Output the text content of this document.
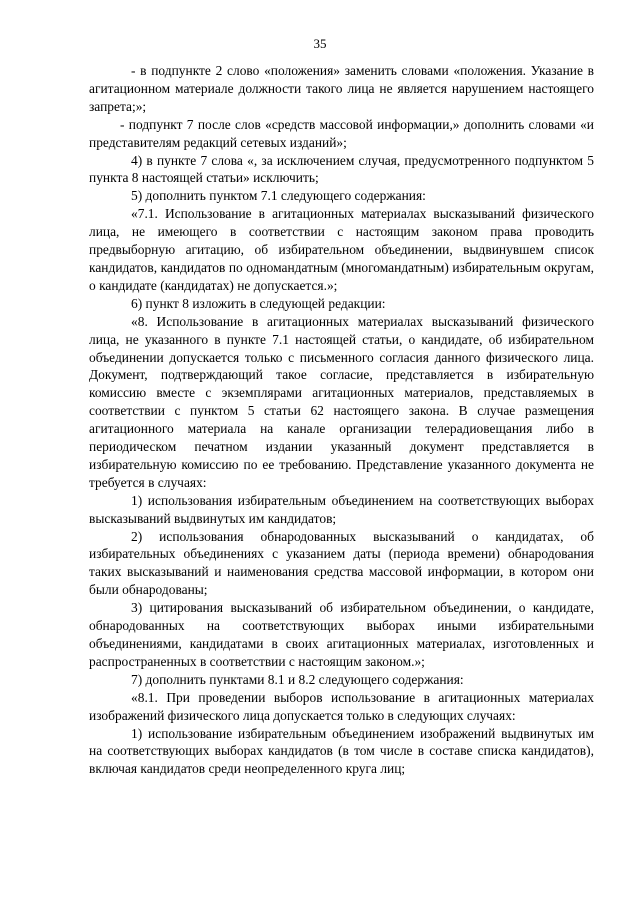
35

- в подпункте 2 слово «положения» заменить словами «положения. Указание в агитационном материале должности такого лица не является нарушением настоящего запрета;»;

- подпункт 7 после слов «средств массовой информации,» дополнить словами «и представителям редакций сетевых изданий»;

4) в пункте 7 слова «, за исключением случая, предусмотренного подпунктом 5 пункта 8 настоящей статьи» исключить;

5) дополнить пунктом 7.1 следующего содержания:

«7.1. Использование в агитационных материалах высказываний физического лица, не имеющего в соответствии с настоящим законом права проводить предвыборную агитацию, об избирательном объединении, выдвинувшем список кандидатов, кандидатов по одномандатным (многомандатным) избирательным округам, о кандидате (кандидатах) не допускается.»;

6) пункт 8 изложить в следующей редакции:

«8. Использование в агитационных материалах высказываний физического лица, не указанного в пункте 7.1 настоящей статьи, о кандидате, об избирательном объединении допускается только с письменного согласия данного физического лица. Документ, подтверждающий такое согласие, представляется в избирательную комиссию вместе с экземплярами агитационных материалов, представляемых в соответствии с пунктом 5 статьи 62 настоящего закона. В случае размещения агитационного материала на канале организации телерадиовещания либо в периодическом печатном издании указанный документ представляется в избирательную комиссию по ее требованию. Представление указанного документа не требуется в случаях:

1) использования избирательным объединением на соответствующих выборах высказываний выдвинутых им кандидатов;

2) использования обнародованных высказываний о кандидатах, об избирательных объединениях с указанием даты (периода времени) обнародования таких высказываний и наименования средства массовой информации, в котором они были обнародованы;

3) цитирования высказываний об избирательном объединении, о кандидате, обнародованных на соответствующих выборах иными избирательными объединениями, кандидатами в своих агитационных материалах, изготовленных и распространенных в соответствии с настоящим законом.»;

7) дополнить пунктами 8.1 и 8.2 следующего содержания:

«8.1. При проведении выборов использование в агитационных материалах изображений физического лица допускается только в следующих случаях:

1) использование избирательным объединением изображений выдвинутых им на соответствующих выборах кандидатов (в том числе в составе списка кандидатов), включая кандидатов среди неопределенного круга лиц;
